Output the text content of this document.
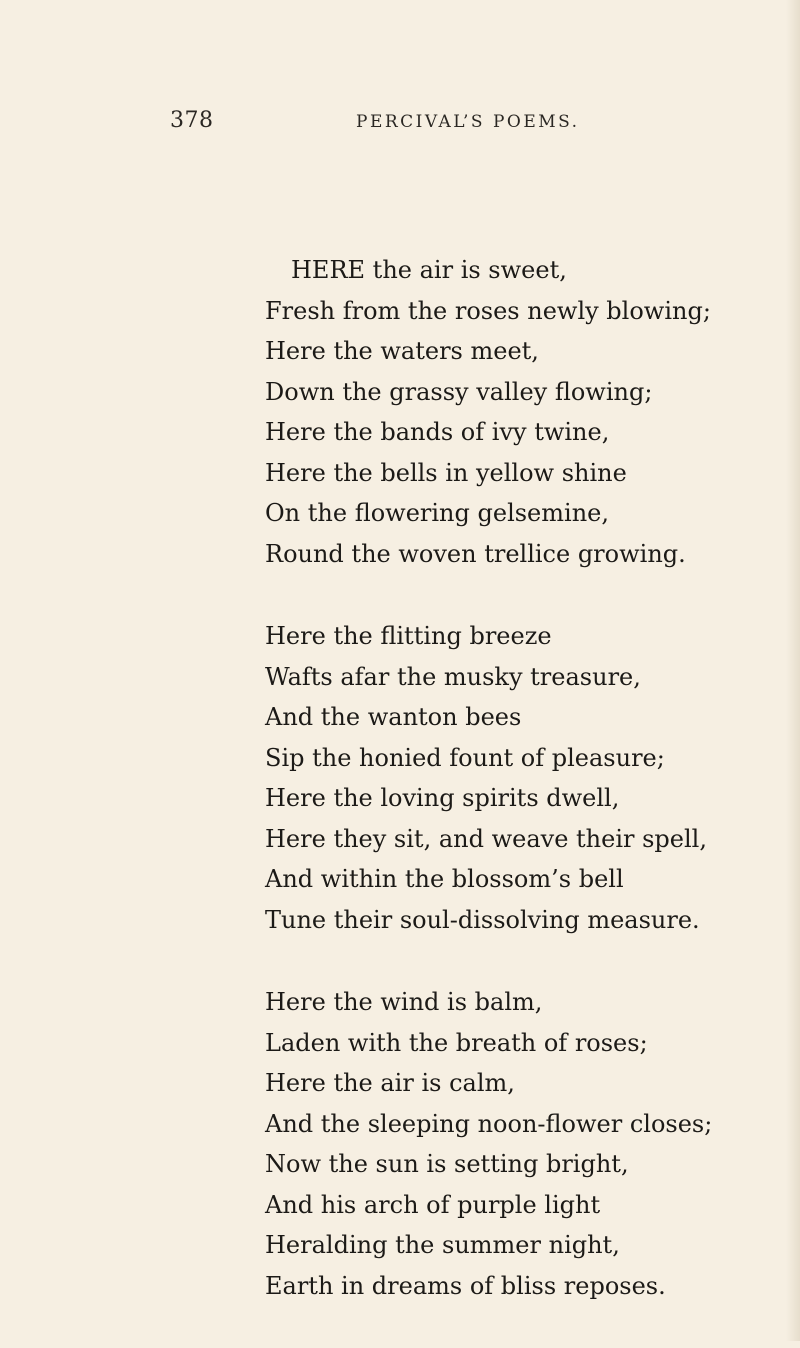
378	PERCIVAL’S POEMS.
HERE the air is sweet,
Fresh from the roses newly blowing;
Here the waters meet,
Down the grassy valley flowing;
Here the bands of ivy twine,
Here the bells in yellow shine
On the flowering gelsemine,
Round the woven trellice growing.
Here the flitting breeze
Wafts afar the musky treasure,
And the wanton bees
Sip the honied fount of pleasure;
Here the loving spirits dwell,
Here they sit, and weave their spell,
And within the blossom’s bell
Tune their soul-dissolving measure.
Here the wind is balm,
Laden with the breath of roses;
Here the air is calm,
And the sleeping noon-flower closes;
Now the sun is setting bright,
And his arch of purple light
Heralding the summer night,
Earth in dreams of bliss reposes.
